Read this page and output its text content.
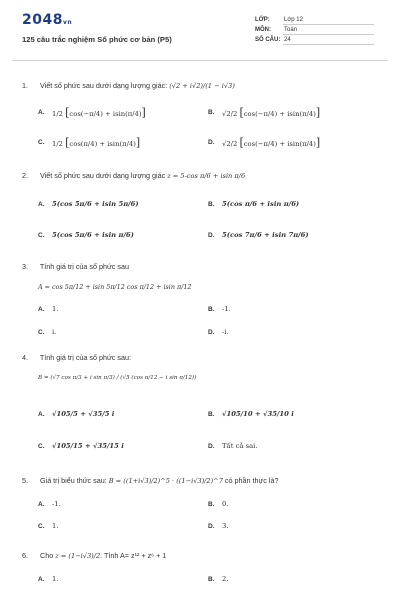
2048vn
125 câu trắc nghiệm Số phức cơ bản (P5)
LỚP:	Lớp 12
MÔN:	Toán
SỐ CÂU: 24
1. Viết số phức sau dưới dạng lượng giác: (√2 + i√2)/(1 − i√3)
A.	1/2 [cos(−π/4) + isin(π/4)]	B.	√2/2 [cos(−π/4) + isin(π/4)]
C.	1/2 [cos(π/4) + isin(π/4)]	D.	√2/2 [cos(−π/4) + isin(π/4)]
2. Viết số phức sau dưới dạng lượng giác z = 5-cos π/6 + isin π/6
A.	5(cos 5π/6 + isin 5π/6)	B.	5(cos π/6 + isin π/6)
C.	5(cos 5π/6 + isin π/6)	D.	5(cos 7π/6 + isin 7π/6)
3. Tính giá trị của số phức sau
A = cos 5π/12 + isin 5π/12 cos π/12 + isin π/12
A.	1.	B.	-1.
C.	i.	D.	-i.
4. Tính giá trị của số phức sau:
B = (√7 cos π/3 + i sin π/3) / (√5 (cos π/12 − i sin π/12))
A.	√105/5 + √35/5 i	B.	√105/10 + √35/10 i
C.	√105/15 + √35/15 i	D.	Tất cả sai.
5. Giá trị biểu thức sau: B = ((1+i√3)/2)^5 · ((1−i√3)/2)^7 có phần thực là?
A.	-1.	B.	0.
C.	1.	D.	3.
6. Cho z = (1−i√3)/2. Tính A= z¹² + z⁶ + 1
A.	1.	B.	2.
